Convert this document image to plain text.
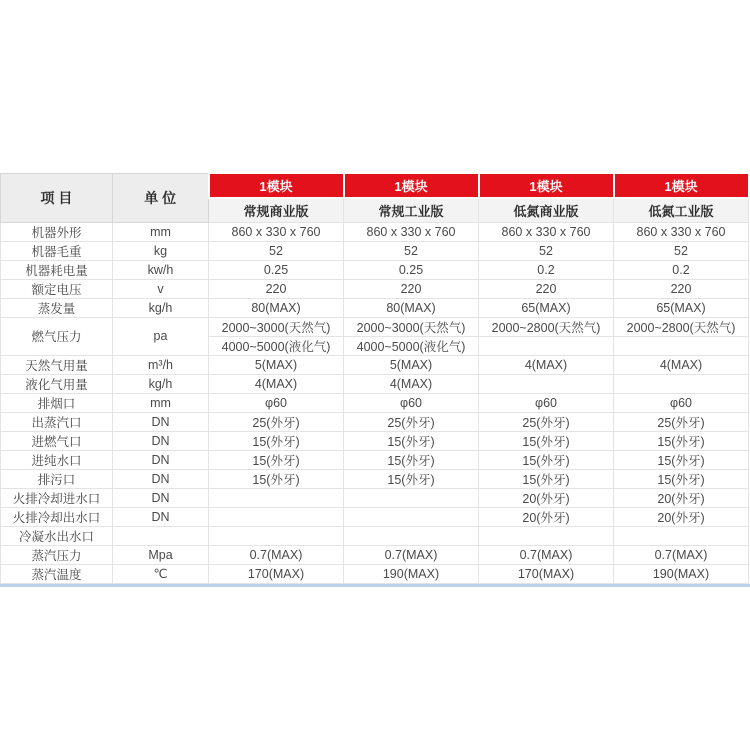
项 目	单 位	1模块	1模块	1模块	1模块
		常规商业版	常规工业版	低氮商业版	低氮工业版
机器外形	mm	860 x 330 x 760	860 x 330 x 760	860 x 330 x 760	860 x 330 x 760
机器毛重	kg	52	52	52	52
机器耗电量	kw/h	0.25	0.25	0.2	0.2
额定电压	v	220	220	220	220
蒸发量	kg/h	80(MAX)	80(MAX)	65(MAX)	65(MAX)
燃气压力	pa	2000~3000(天然气)	2000~3000(天然气)	2000~2800(天然气)	2000~2800(天然气)
		4000~5000(液化气)	4000~5000(液化气)		
天然气用量	m³/h	5(MAX)	5(MAX)	4(MAX)	4(MAX)
液化气用量	kg/h	4(MAX)	4(MAX)		
排烟口	mm	φ60	φ60	φ60	φ60
出蒸汽口	DN	25(外牙)	25(外牙)	25(外牙)	25(外牙)
进燃气口	DN	15(外牙)	15(外牙)	15(外牙)	15(外牙)
进纯水口	DN	15(外牙)	15(外牙)	15(外牙)	15(外牙)
排污口	DN	15(外牙)	15(外牙)	15(外牙)	15(外牙)
火排冷却进水口	DN			20(外牙)	20(外牙)
火排冷却出水口	DN			20(外牙)	20(外牙)
冷凝水出水口					
蒸汽压力	Mpa	0.7(MAX)	0.7(MAX)	0.7(MAX)	0.7(MAX)
蒸汽温度	℃	170(MAX)	190(MAX)	170(MAX)	190(MAX)
